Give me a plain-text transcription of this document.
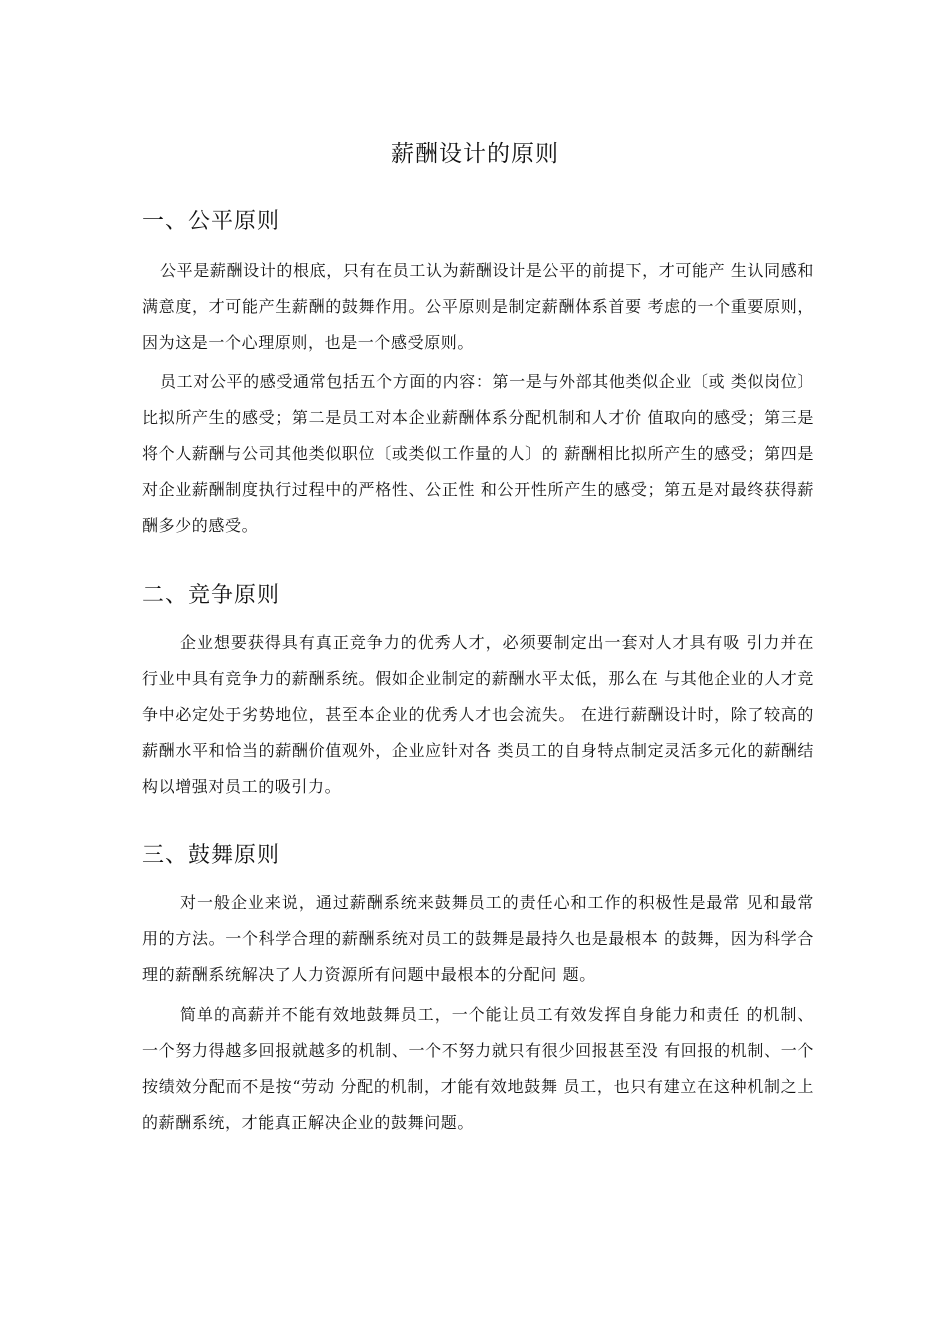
薪酬设计的原则
一、公平原则
公平是薪酬设计的根底，只有在员工认为薪酬设计是公平的前提下，才可能产 生认同感和满意度，才可能产生薪酬的鼓舞作用。公平原则是制定薪酬体系首要 考虑的一个重要原则，因为这是一个心理原则，也是一个感受原则。
员工对公平的感受通常包括五个方面的内容：第一是与外部其他类似企业〔或 类似岗位〕比拟所产生的感受；第二是员工对本企业薪酬体系分配机制和人才价 值取向的感受；第三是将个人薪酬与公司其他类似职位〔或类似工作量的人〕的 薪酬相比拟所产生的感受；第四是对企业薪酬制度执行过程中的严格性、公正性 和公开性所产生的感受；第五是对最终获得薪酬多少的感受。
二、竞争原则
企业想要获得具有真正竞争力的优秀人才，必须要制定出一套对人才具有吸 引力并在行业中具有竞争力的薪酬系统。假如企业制定的薪酬水平太低，那么在 与其他企业的人才竞争中必定处于劣势地位，甚至本企业的优秀人才也会流失。 在进行薪酬设计时，除了较高的薪酬水平和恰当的薪酬价值观外，企业应针对各 类员工的自身特点制定灵活多元化的薪酬结构以增强对员工的吸引力。
三、鼓舞原则
对一般企业来说，通过薪酬系统来鼓舞员工的责任心和工作的积极性是最常 见和最常用的方法。一个科学合理的薪酬系统对员工的鼓舞是最持久也是最根本 的鼓舞，因为科学合理的薪酬系统解决了人力资源所有问题中最根本的分配问 题。
简单的高薪并不能有效地鼓舞员工，一个能让员工有效发挥自身能力和责任 的机制、一个努力得越多回报就越多的机制、一个不努力就只有很少回报甚至没 有回报的机制、一个按绩效分配而不是按“劳动 分配的机制，才能有效地鼓舞 员工，也只有建立在这种机制之上的薪酬系统，才能真正解决企业的鼓舞问题。
